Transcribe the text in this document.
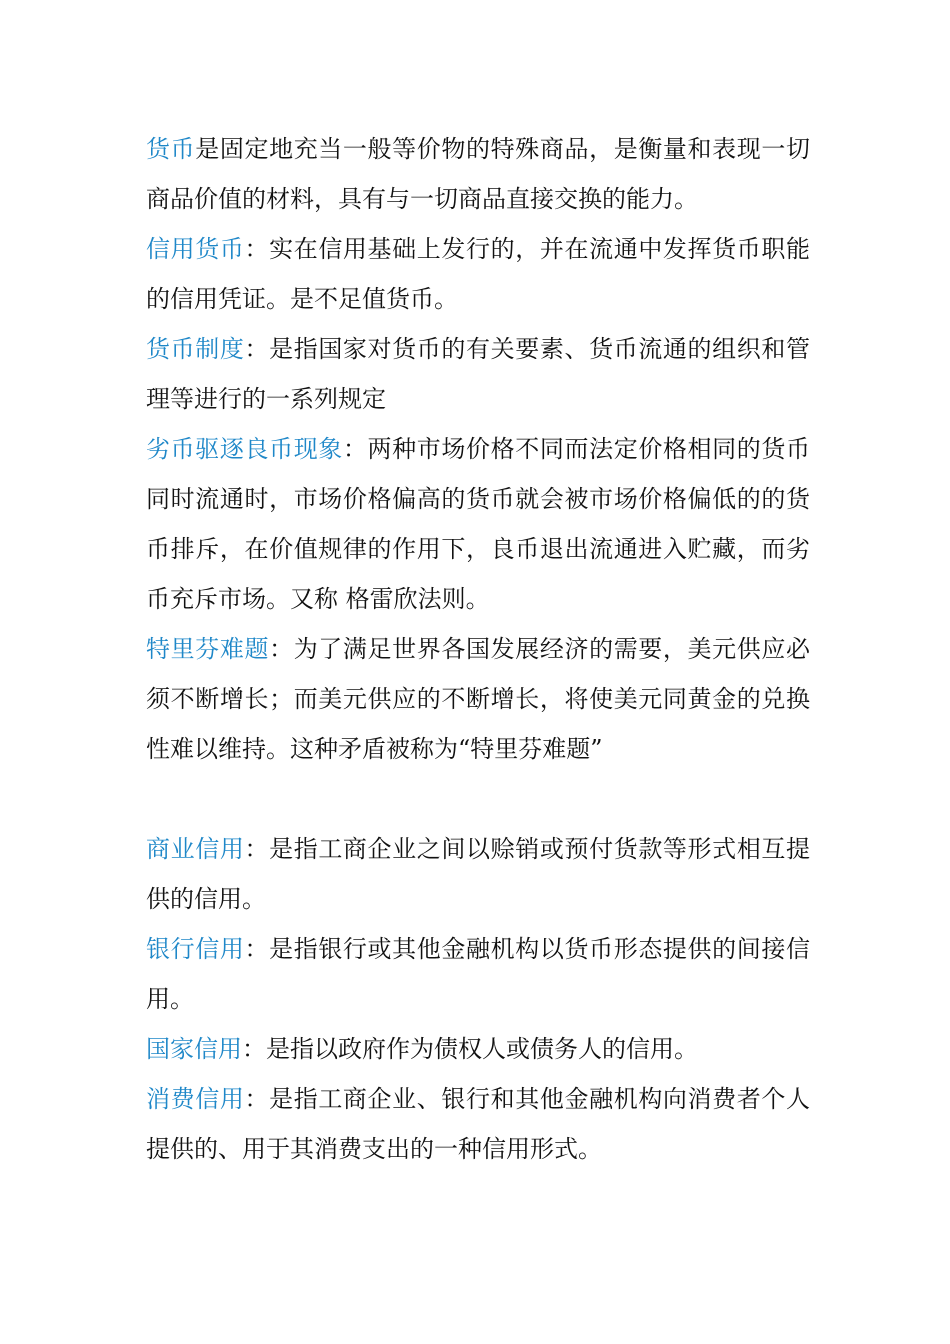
货币是固定地充当一般等价物的特殊商品，是衡量和表现一切商品价值的材料，具有与一切商品直接交换的能力。

信用货币：实在信用基础上发行的，并在流通中发挥货币职能的信用凭证。是不足值货币。

货币制度：是指国家对货币的有关要素、货币流通的组织和管理等进行的一系列规定

劣币驱逐良币现象：两种市场价格不同而法定价格相同的货币同时流通时，市场价格偏高的货币就会被市场价格偏低的的货币排斥，在价值规律的作用下，良币退出流通进入贮藏，而劣币充斥市场。又称 格雷欣法则。

特里芬难题：为了满足世界各国发展经济的需要，美元供应必须不断增长；而美元供应的不断增长，将使美元同黄金的兑换性难以维持。这种矛盾被称为“特里芬难题”

商业信用：是指工商企业之间以赊销或预付货款等形式相互提供的信用。

银行信用：是指银行或其他金融机构以货币形态提供的间接信用。

国家信用：是指以政府作为债权人或债务人的信用。

消费信用：是指工商企业、银行和其他金融机构向消费者个人提供的、用于其消费支出的一种信用形式。
